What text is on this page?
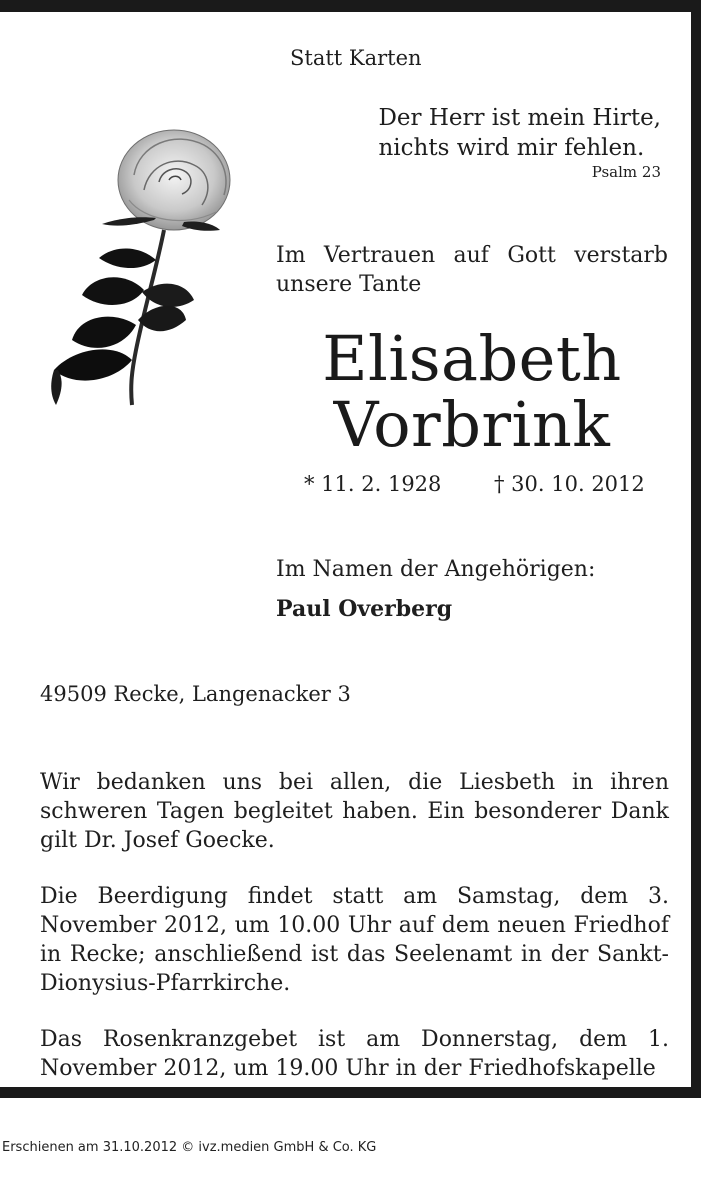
Statt Karten
Der Herr ist mein Hirte,
nichts wird mir fehlen.
Psalm 23
Im Vertrauen auf Gott verstarb unsere Tante
Elisabeth
Vorbrink
* 11. 2. 1928	† 30. 10. 2012
Im Namen der Angehörigen:
Paul Overberg
49509 Recke, Langenacker 3
Wir bedanken uns bei allen, die Liesbeth in ihren schweren Tagen begleitet haben. Ein besonderer Dank gilt Dr. Josef Goecke.
Die Beerdigung findet statt am Samstag, dem 3. November 2012, um 10.00 Uhr auf dem neuen Friedhof in Recke; anschließend ist das Seelenamt in der Sankt-Dionysius-Pfarrkirche.
Das Rosenkranzgebet ist am Donnerstag, dem 1. November 2012, um 19.00 Uhr in der Friedhofskapelle
Erschienen am 31.10.2012 © ivz.medien GmbH & Co. KG
